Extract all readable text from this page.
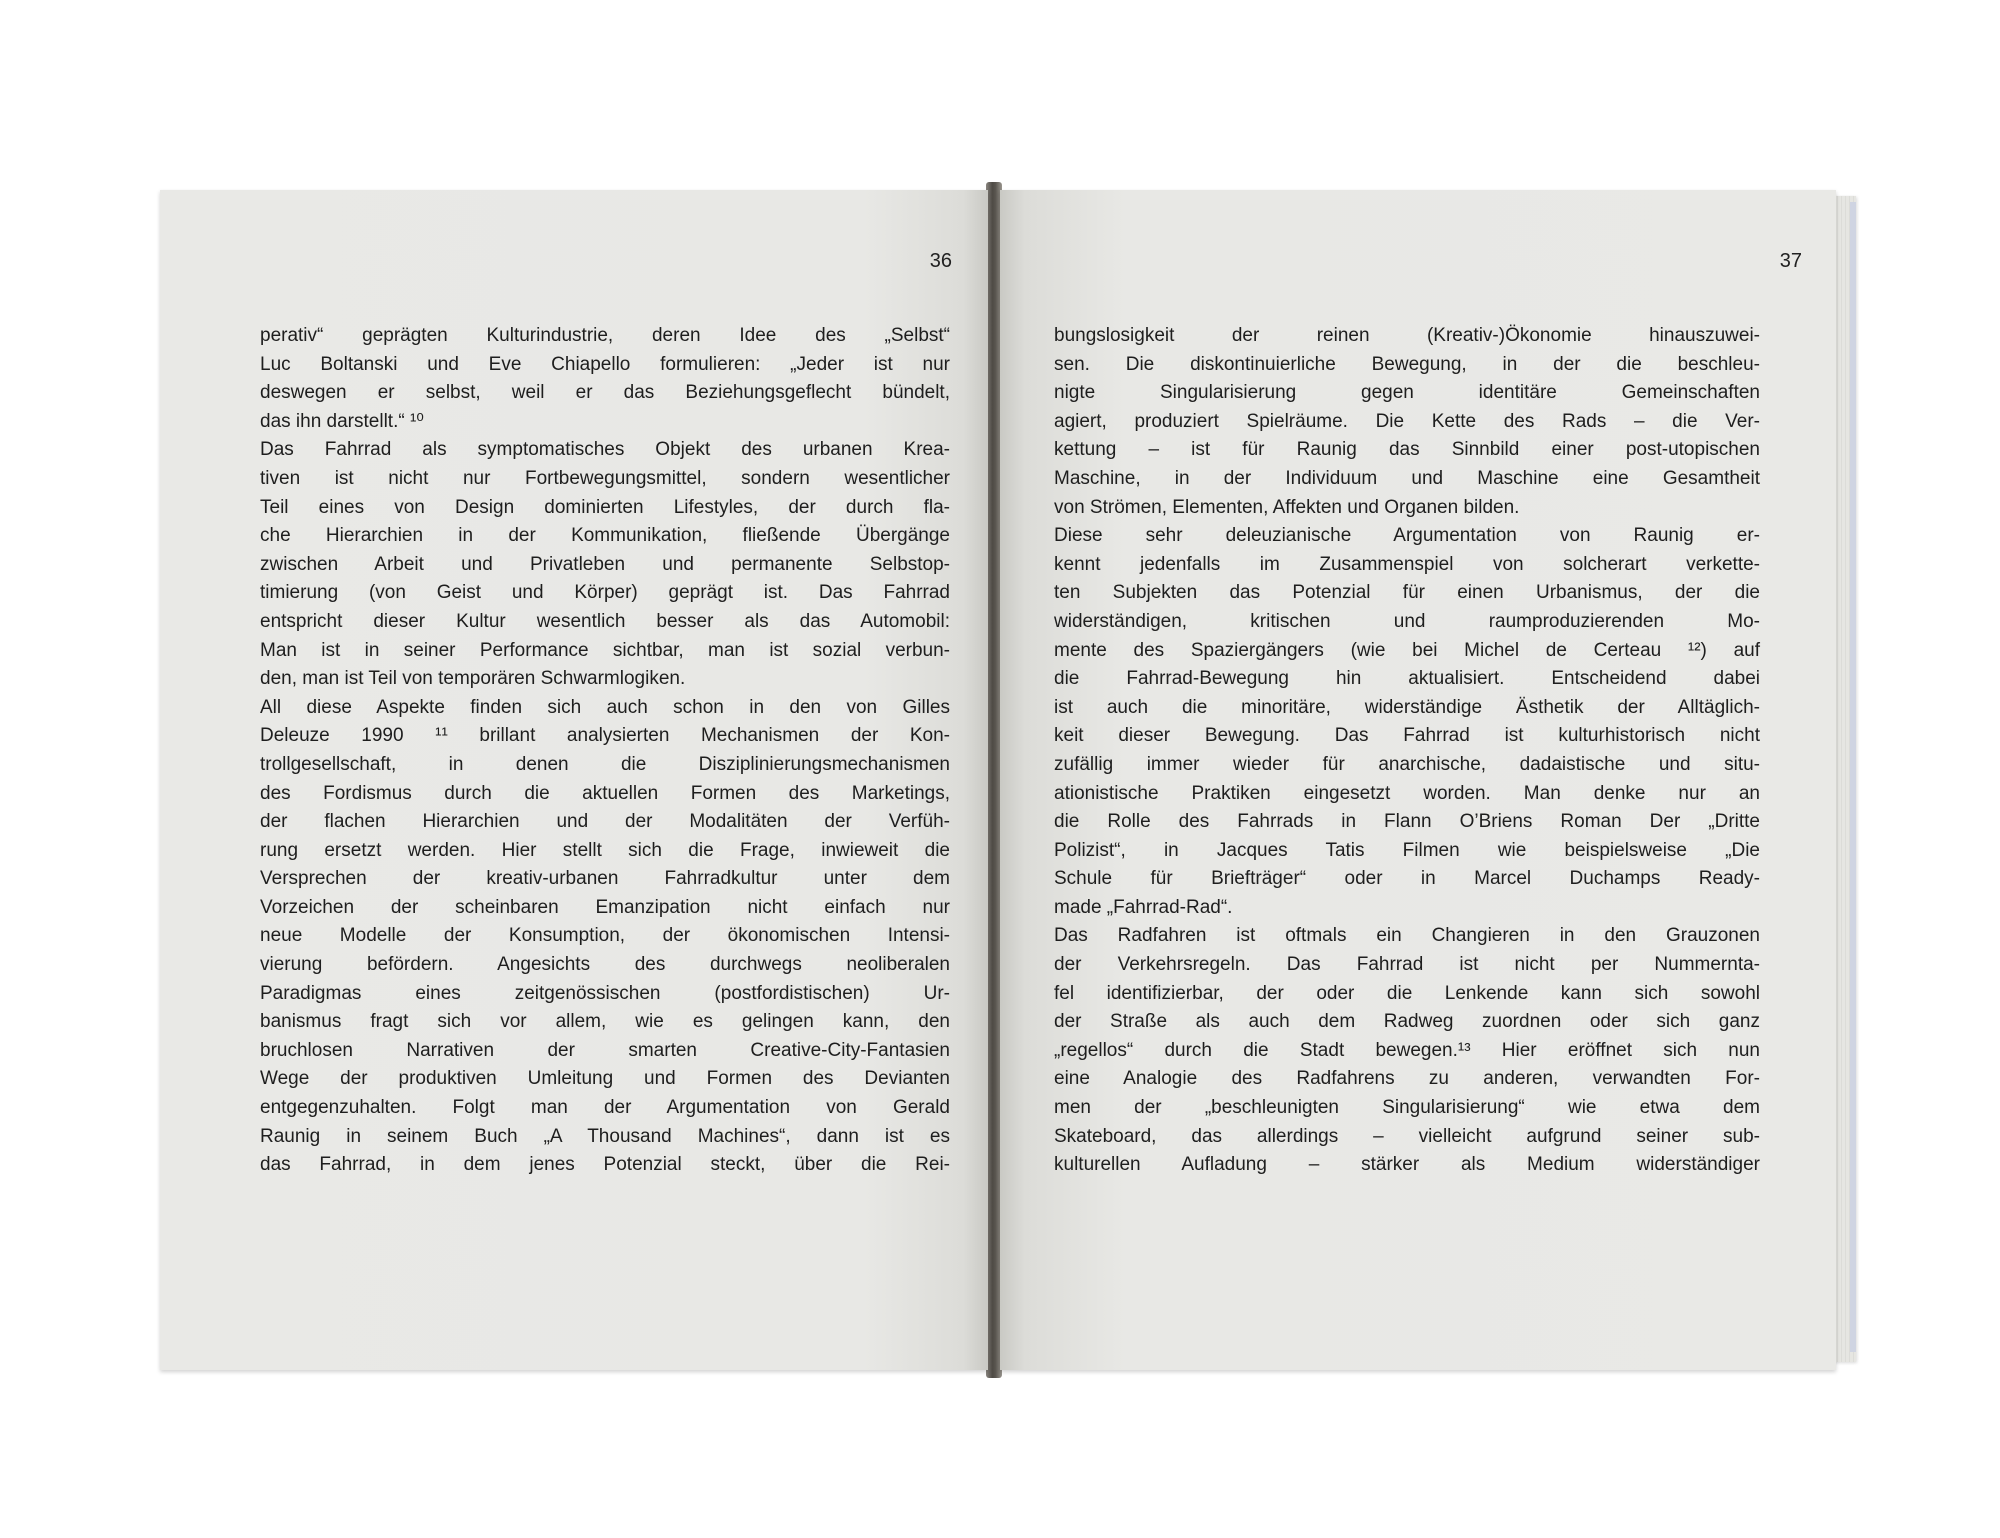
36

perativ“ geprägten Kulturindustrie, deren Idee des „Selbst“

Luc Boltanski und Eve Chiapello formulieren: „Jeder ist nur

deswegen er selbst, weil er das Beziehungsgeflecht bündelt,

das ihn darstellt.“ ¹⁰

Das Fahrrad als symptomatisches Objekt des urbanen Krea-

tiven ist nicht nur Fortbewegungsmittel, sondern wesentlicher

Teil eines von Design dominierten Lifestyles, der durch fla-

che Hierarchien in der Kommunikation, fließende Übergänge

zwischen Arbeit und Privatleben und permanente Selbstop-

timierung (von Geist und Körper) geprägt ist. Das Fahrrad

entspricht dieser Kultur wesentlich besser als das Automobil:

Man ist in seiner Performance sichtbar, man ist sozial verbun-

den, man ist Teil von temporären Schwarmlogiken.

All diese Aspekte finden sich auch schon in den von Gilles

Deleuze 1990 ¹¹ brillant analysierten Mechanismen der Kon-

trollgesellschaft, in denen die Disziplinierungsmechanismen

des Fordismus durch die aktuellen Formen des Marketings,

der flachen Hierarchien und der Modalitäten der Verfüh-

rung ersetzt werden. Hier stellt sich die Frage, inwieweit die

Versprechen der kreativ-urbanen Fahrradkultur unter dem

Vorzeichen der scheinbaren Emanzipation nicht einfach nur

neue Modelle der Konsumption, der ökonomischen Intensi-

vierung befördern. Angesichts des durchwegs neoliberalen

Paradigmas eines zeitgenössischen (postfordistischen) Ur-

banismus fragt sich vor allem, wie es gelingen kann, den

bruchlosen Narrativen der smarten Creative-City-Fantasien

Wege der produktiven Umleitung und Formen des Devianten

entgegenzuhalten. Folgt man der Argumentation von Gerald

Raunig in seinem Buch „A Thousand Machines“, dann ist es

das Fahrrad, in dem jenes Potenzial steckt, über die Rei-

37

bungslosigkeit der reinen (Kreativ-)Ökonomie hinauszuwei-

sen. Die diskontinuierliche Bewegung, in der die beschleu-

nigte Singularisierung gegen identitäre Gemeinschaften

agiert, produziert Spielräume. Die Kette des Rads – die Ver-

kettung – ist für Raunig das Sinnbild einer post-utopischen

Maschine, in der Individuum und Maschine eine Gesamtheit

von Strömen, Elementen, Affekten und Organen bilden.

Diese sehr deleuzianische Argumentation von Raunig er-

kennt jedenfalls im Zusammenspiel von solcherart verkette-

ten Subjekten das Potenzial für einen Urbanismus, der die

widerständigen, kritischen und raumproduzierenden Mo-

mente des Spaziergängers (wie bei Michel de Certeau ¹²) auf

die Fahrrad-Bewegung hin aktualisiert. Entscheidend dabei

ist auch die minoritäre, widerständige Ästhetik der Alltäglich-

keit dieser Bewegung. Das Fahrrad ist kulturhistorisch nicht

zufällig immer wieder für anarchische, dadaistische und situ-

ationistische Praktiken eingesetzt worden. Man denke nur an

die Rolle des Fahrrads in Flann O’Briens Roman Der „Dritte

Polizist“, in Jacques Tatis Filmen wie beispielsweise „Die

Schule für Briefträger“ oder in Marcel Duchamps Ready-

made „Fahrrad-Rad“.

Das Radfahren ist oftmals ein Changieren in den Grauzonen

der Verkehrsregeln. Das Fahrrad ist nicht per Nummernta-

fel identifizierbar, der oder die Lenkende kann sich sowohl

der Straße als auch dem Radweg zuordnen oder sich ganz

„regellos“ durch die Stadt bewegen.¹³ Hier eröffnet sich nun

eine Analogie des Radfahrens zu anderen, verwandten For-

men der „beschleunigten Singularisierung“ wie etwa dem

Skateboard, das allerdings – vielleicht aufgrund seiner sub-

kulturellen Aufladung – stärker als Medium widerständiger
